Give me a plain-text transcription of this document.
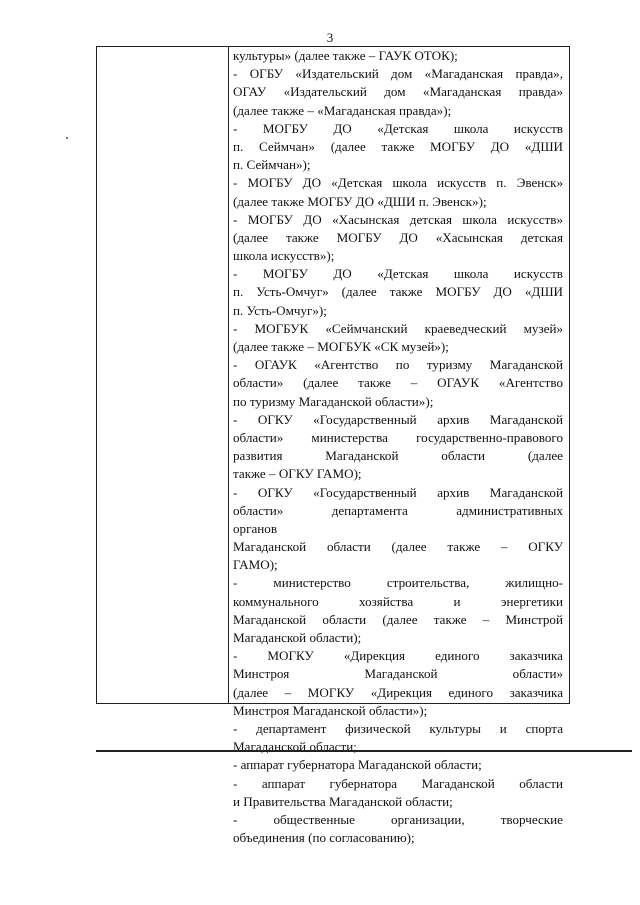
3
культуры» (далее также – ГАУК ОТОК);
- ОГБУ «Издательский дом «Магаданская правда»,
ОГАУ «Издательский дом «Магаданская правда»
(далее также – «Магаданская правда»);
- МОГБУ ДО «Детская школа искусств
п. Сеймчан» (далее также МОГБУ ДО «ДШИ
п. Сеймчан»);
- МОГБУ ДО «Детская школа искусств п. Эвенск»
(далее также МОГБУ ДО «ДШИ п. Эвенск»);
- МОГБУ ДО «Хасынская детская школа искусств»
(далее также МОГБУ ДО «Хасынская детская
школа искусств»);
- МОГБУ ДО «Детская школа искусств
п. Усть-Омчуг» (далее также МОГБУ ДО «ДШИ
п. Усть-Омчуг»);
- МОГБУК «Сеймчанский краеведческий музей»
(далее также – МОГБУК «СК музей»);
- ОГАУК «Агентство по туризму Магаданской
области» (далее также – ОГАУК «Агентство
по туризму Магаданской области»);
- ОГКУ «Государственный архив Магаданской
области» министерства государственно-правового
развития Магаданской области (далее
также – ОГКУ ГАМО);
- ОГКУ «Государственный архив Магаданской
области» департамента административных
органов
Магаданской области (далее также – ОГКУ
ГАМО);
- министерство строительства, жилищно-
коммунального хозяйства и энергетики
Магаданской области (далее также – Минстрой
Магаданской области);
- МОГКУ «Дирекция единого заказчика
Минстроя Магаданской области»
(далее – МОГКУ «Дирекция единого заказчика
Минстроя Магаданской области»);
- департамент физической культуры и спорта
Магаданской области;
- аппарат губернатора Магаданской области;
- аппарат губернатора Магаданской области
и Правительства Магаданской области;
- общественные организации, творческие
объединения (по согласованию);
